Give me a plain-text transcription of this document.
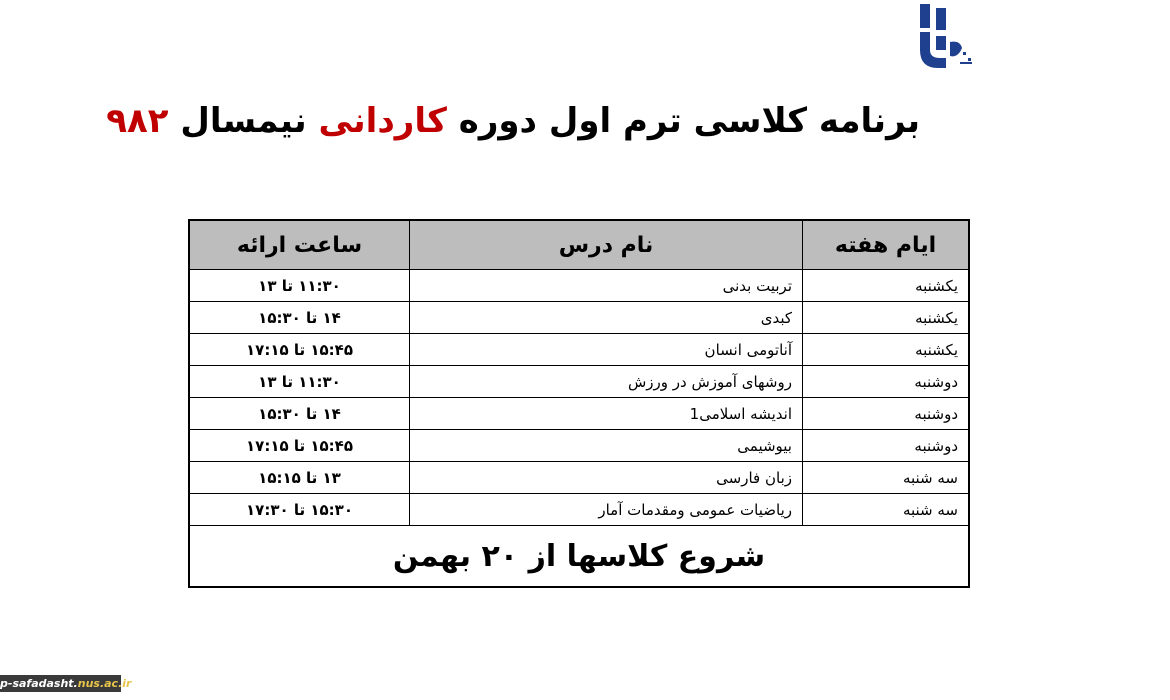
برنامه کلاسی ترم اول دوره کاردانی نیمسال ۹۸۲
ایام هفته	نام درس	ساعت ارائه
یکشنبه	تربیت بدنی	۱۱:۳۰ تا ۱۳
یکشنبه	کبدی	۱۴ تا ۱۵:۳۰
یکشنبه	آناتومی انسان	۱۵:۴۵ تا ۱۷:۱۵
دوشنبه	روشهای آموزش در ورزش	۱۱:۳۰ تا ۱۳
دوشنبه	اندیشه اسلامی1	۱۴ تا ۱۵:۳۰
دوشنبه	بیوشیمی	۱۵:۴۵ تا ۱۷:۱۵
سه شنبه	زبان فارسی	۱۳ تا ۱۵:۱۵
سه شنبه	ریاضیات عمومی ومقدمات آمار	۱۵:۳۰ تا ۱۷:۳۰
شروع کلاسها از ۲۰ بهمن		
p-safadasht.nus.ac.ir
